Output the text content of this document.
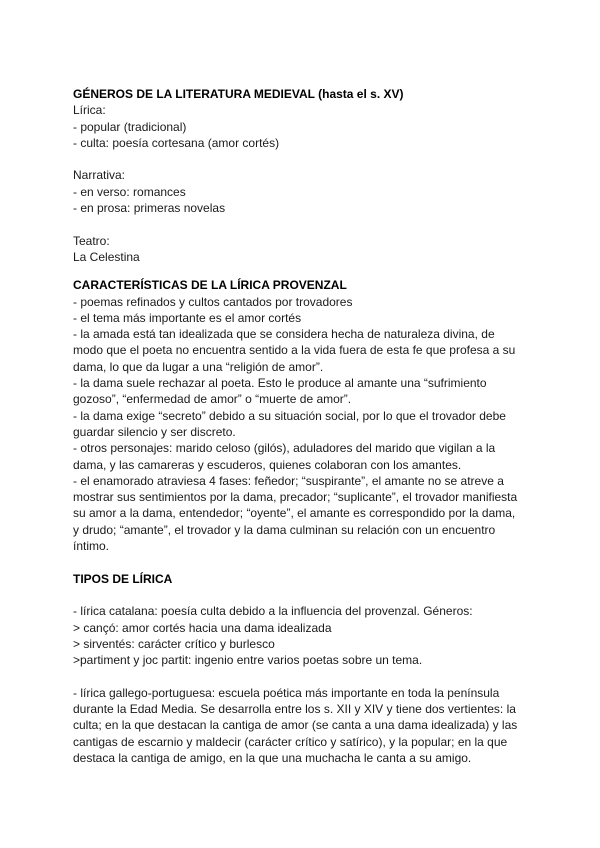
GÉNEROS DE LA LITERATURA MEDIEVAL (hasta el s. XV)
Lírica:
- popular (tradicional)
- culta: poesía cortesana (amor cortés)
Narrativa:
- en verso: romances
- en prosa: primeras novelas
Teatro:
La Celestina
CARACTERÍSTICAS DE LA LÍRICA PROVENZAL
- poemas refinados y cultos cantados por trovadores
- el tema más importante es el amor cortés
- la amada está tan idealizada que se considera hecha de naturaleza divina, de
modo que el poeta no encuentra sentido a la vida fuera de esta fe que profesa a su
dama, lo que da lugar a una “religión de amor”.
- la dama suele rechazar al poeta. Esto le produce al amante una “sufrimiento
gozoso”, “enfermedad de amor” o “muerte de amor”.
- la dama exige “secreto” debido a su situación social, por lo que el trovador debe
guardar silencio y ser discreto.
- otros personajes: marido celoso (gilós), aduladores del marido que vigilan a la
dama, y las camareras y escuderos, quienes colaboran con los amantes.
- el enamorado atraviesa 4 fases: feñedor; “suspirante”, el amante no se atreve a
mostrar sus sentimientos por la dama, precador; “suplicante”, el trovador manifiesta
su amor a la dama, entendedor; “oyente”, el amante es correspondido por la dama,
y drudo; “amante”, el trovador y la dama culminan su relación con un encuentro
íntimo.
TIPOS DE LÍRICA
- lírica catalana: poesía culta debido a la influencia del provenzal. Géneros:
> cançó: amor cortés hacia una dama idealizada
> sirventés: carácter crítico y burlesco
>partiment y joc partit: ingenio entre varios poetas sobre un tema.
- lírica gallego-portuguesa: escuela poética más importante en toda la península
durante la Edad Media. Se desarrolla entre los s. XII y XIV y tiene dos vertientes: la
culta; en la que destacan la cantiga de amor (se canta a una dama idealizada) y las
cantigas de escarnio y maldecir (carácter crítico y satírico), y la popular; en la que
destaca la cantiga de amigo, en la que una muchacha le canta a su amigo.
